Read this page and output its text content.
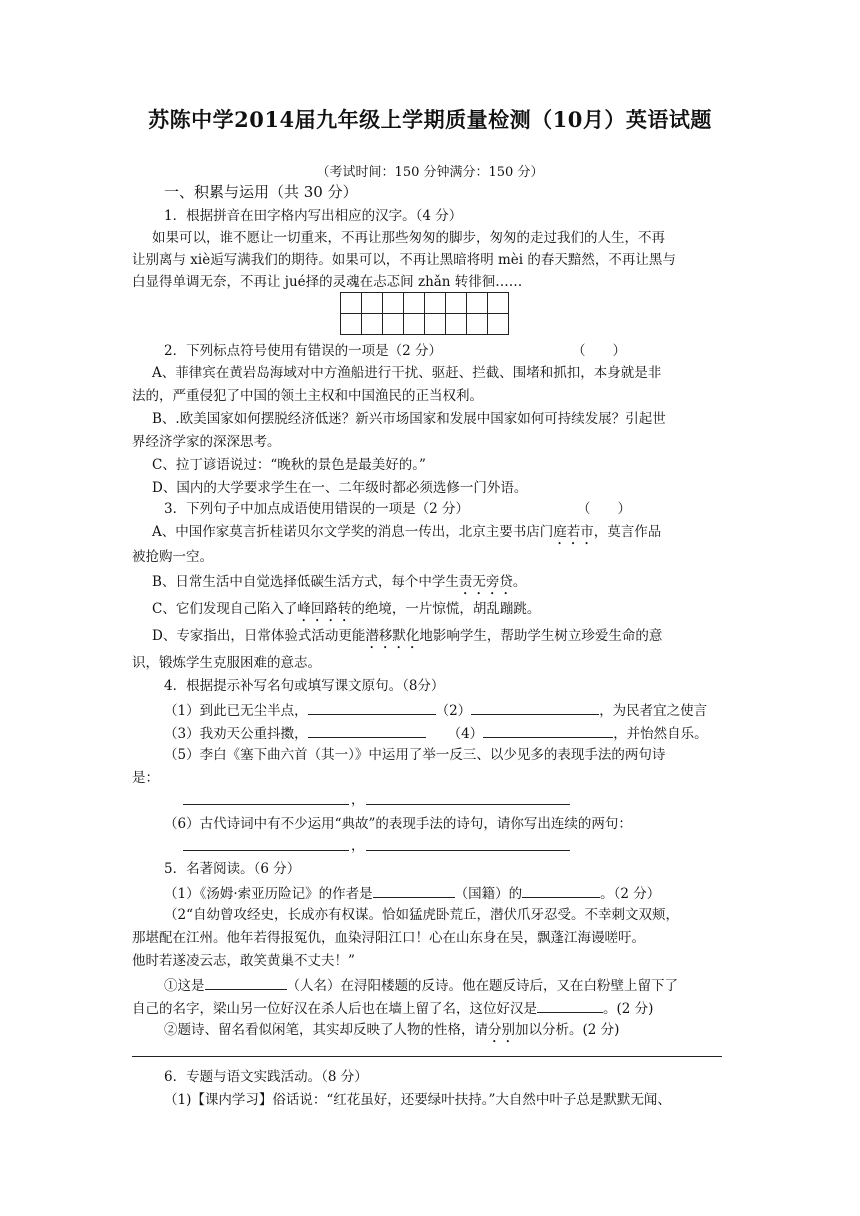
苏陈中学2014届九年级上学期质量检测（10月）英语试题
（考试时间：150 分钟满分：150 分）
一、积累与运用（共 30 分）
1．根据拼音在田字格内写出相应的汉字。（4 分）
如果可以，谁不愿让一切重来，不再让那些匆匆的脚步，匆匆的走过我们的人生，不再
让别离与 xiè逅写满我们的期待。如果可以，不再让黑暗将明 mèi 的春天黯然，不再让黑与
白显得单调无奈，不再让 jué择的灵魂在忐忑间 zhǎn 转徘徊……

2．下列标点符号使用有错误的一项是（2 分）	（　　）
A、菲律宾在黄岩岛海域对中方渔船进行干扰、驱赶、拦截、围堵和抓扣，本身就是非
法的，严重侵犯了中国的领土主权和中国渔民的正当权利。
B、.欧美国家如何摆脱经济低迷？新兴市场国家和发展中国家如何可持续发展？引起世
界经济学家的深深思考。
C、拉丁谚语说过：“晚秋的景色是最美好的。”
D、国内的大学要求学生在一、二年级时都必须选修一门外语。
3．下列句子中加点成语使用错误的一项是（2 分）	（　　）
A、中国作家莫言折桂诺贝尔文学奖的消息一传出，北京主要书店门庭若市，莫言作品
被抢购一空。
B、日常生活中自觉选择低碳生活方式，每个中学生责无旁贷。
C、它们发现自己陷入了峰回路转的绝境，一片惊慌，胡乱蹦跳。
D、专家指出，日常体验式活动更能潜移默化地影响学生，帮助学生树立珍爱生命的意
识，锻炼学生克服困难的意志。
4．根据提示补写名句或填写课文原句。（8分）
（1）到此已无尘半点，	（2）	，为民者宜之使言
（3）我劝天公重抖擞，	（4）	，并怡然自乐。
（5）李白《塞下曲六首（其一）》中运用了举一反三、以少见多的表现手法的两句诗
是：
，
（6）古代诗词中有不少运用“典故”的表现手法的诗句，请你写出连续的两句：
，
5．名著阅读。（6 分）
（1）《汤姆·索亚历险记》的作者是	（国籍）的	。（2 分）
（2“自幼曾攻经史，长成亦有权谋。恰如猛虎卧荒丘，潜伏爪牙忍受。不幸刺文双颊，
那堪配在江州。他年若得报冤仇，血染浔阳江口！心在山东身在吴，飘蓬江海谩嗟吁。
他时若遂凌云志，敢笑黄巢不丈夫！”
①这是	（人名）在浔阳楼题的反诗。他在题反诗后，又在白粉壁上留下了
自己的名字，梁山另一位好汉在杀人后也在墙上留了名，这位好汉是	。(2 分)
②题诗、留名看似闲笔，其实却反映了人物的性格，请分别加以分析。(2 分)
6．专题与语文实践活动。（8 分）
（1)【课内学习】俗话说：“红花虽好，还要绿叶扶持。”大自然中叶子总是默默无闻、
